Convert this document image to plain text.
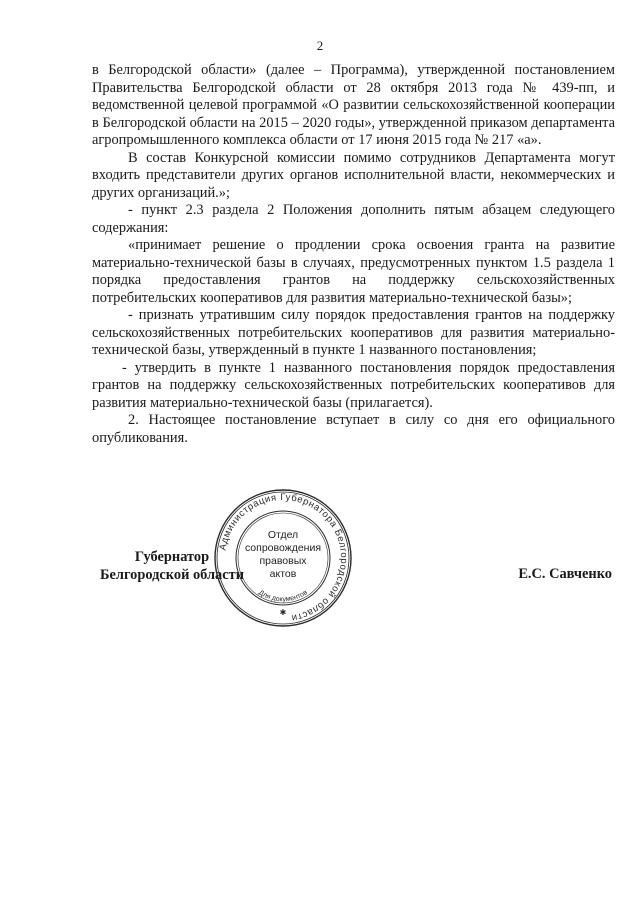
2

в Белгородской области» (далее – Программа), утвержденной постановлением Правительства Белгородской области от 28 октября 2013 года № 439-пп, и ведомственной целевой программой «О развитии сельскохозяйственной кооперации в Белгородской области на 2015 – 2020 годы», утвержденной приказом департамента агропромышленного комплекса области от 17 июня 2015 года № 217 «а».

В состав Конкурсной комиссии помимо сотрудников Департамента могут входить представители других органов исполнительной власти, некоммерческих и других организаций.»;

- пункт 2.3 раздела 2 Положения дополнить пятым абзацем следующего содержания:

«принимает решение о продлении срока освоения гранта на развитие материально-технической базы в случаях, предусмотренных пунктом 1.5 раздела 1 порядка предоставления грантов на поддержку сельскохозяйственных потребительских кооперативов для развития материально-технической базы»;

- признать утратившим силу порядок предоставления грантов на поддержку сельскохозяйственных потребительских кооперативов для развития материально-технической базы, утвержденный в пункте 1 названного постановления;

- утвердить в пункте 1 названного постановления порядок предоставления грантов на поддержку сельскохозяйственных потребительских кооперативов для развития материально-технической базы (прилагается).

2. Настоящее постановление вступает в силу со дня его официального опубликования.

Губернатор
Белгородской области
Администрация Губернатора Белгородской области
Для документов
✱
Отдел
сопровождения
правовых
актов	Е.С. Савченко
